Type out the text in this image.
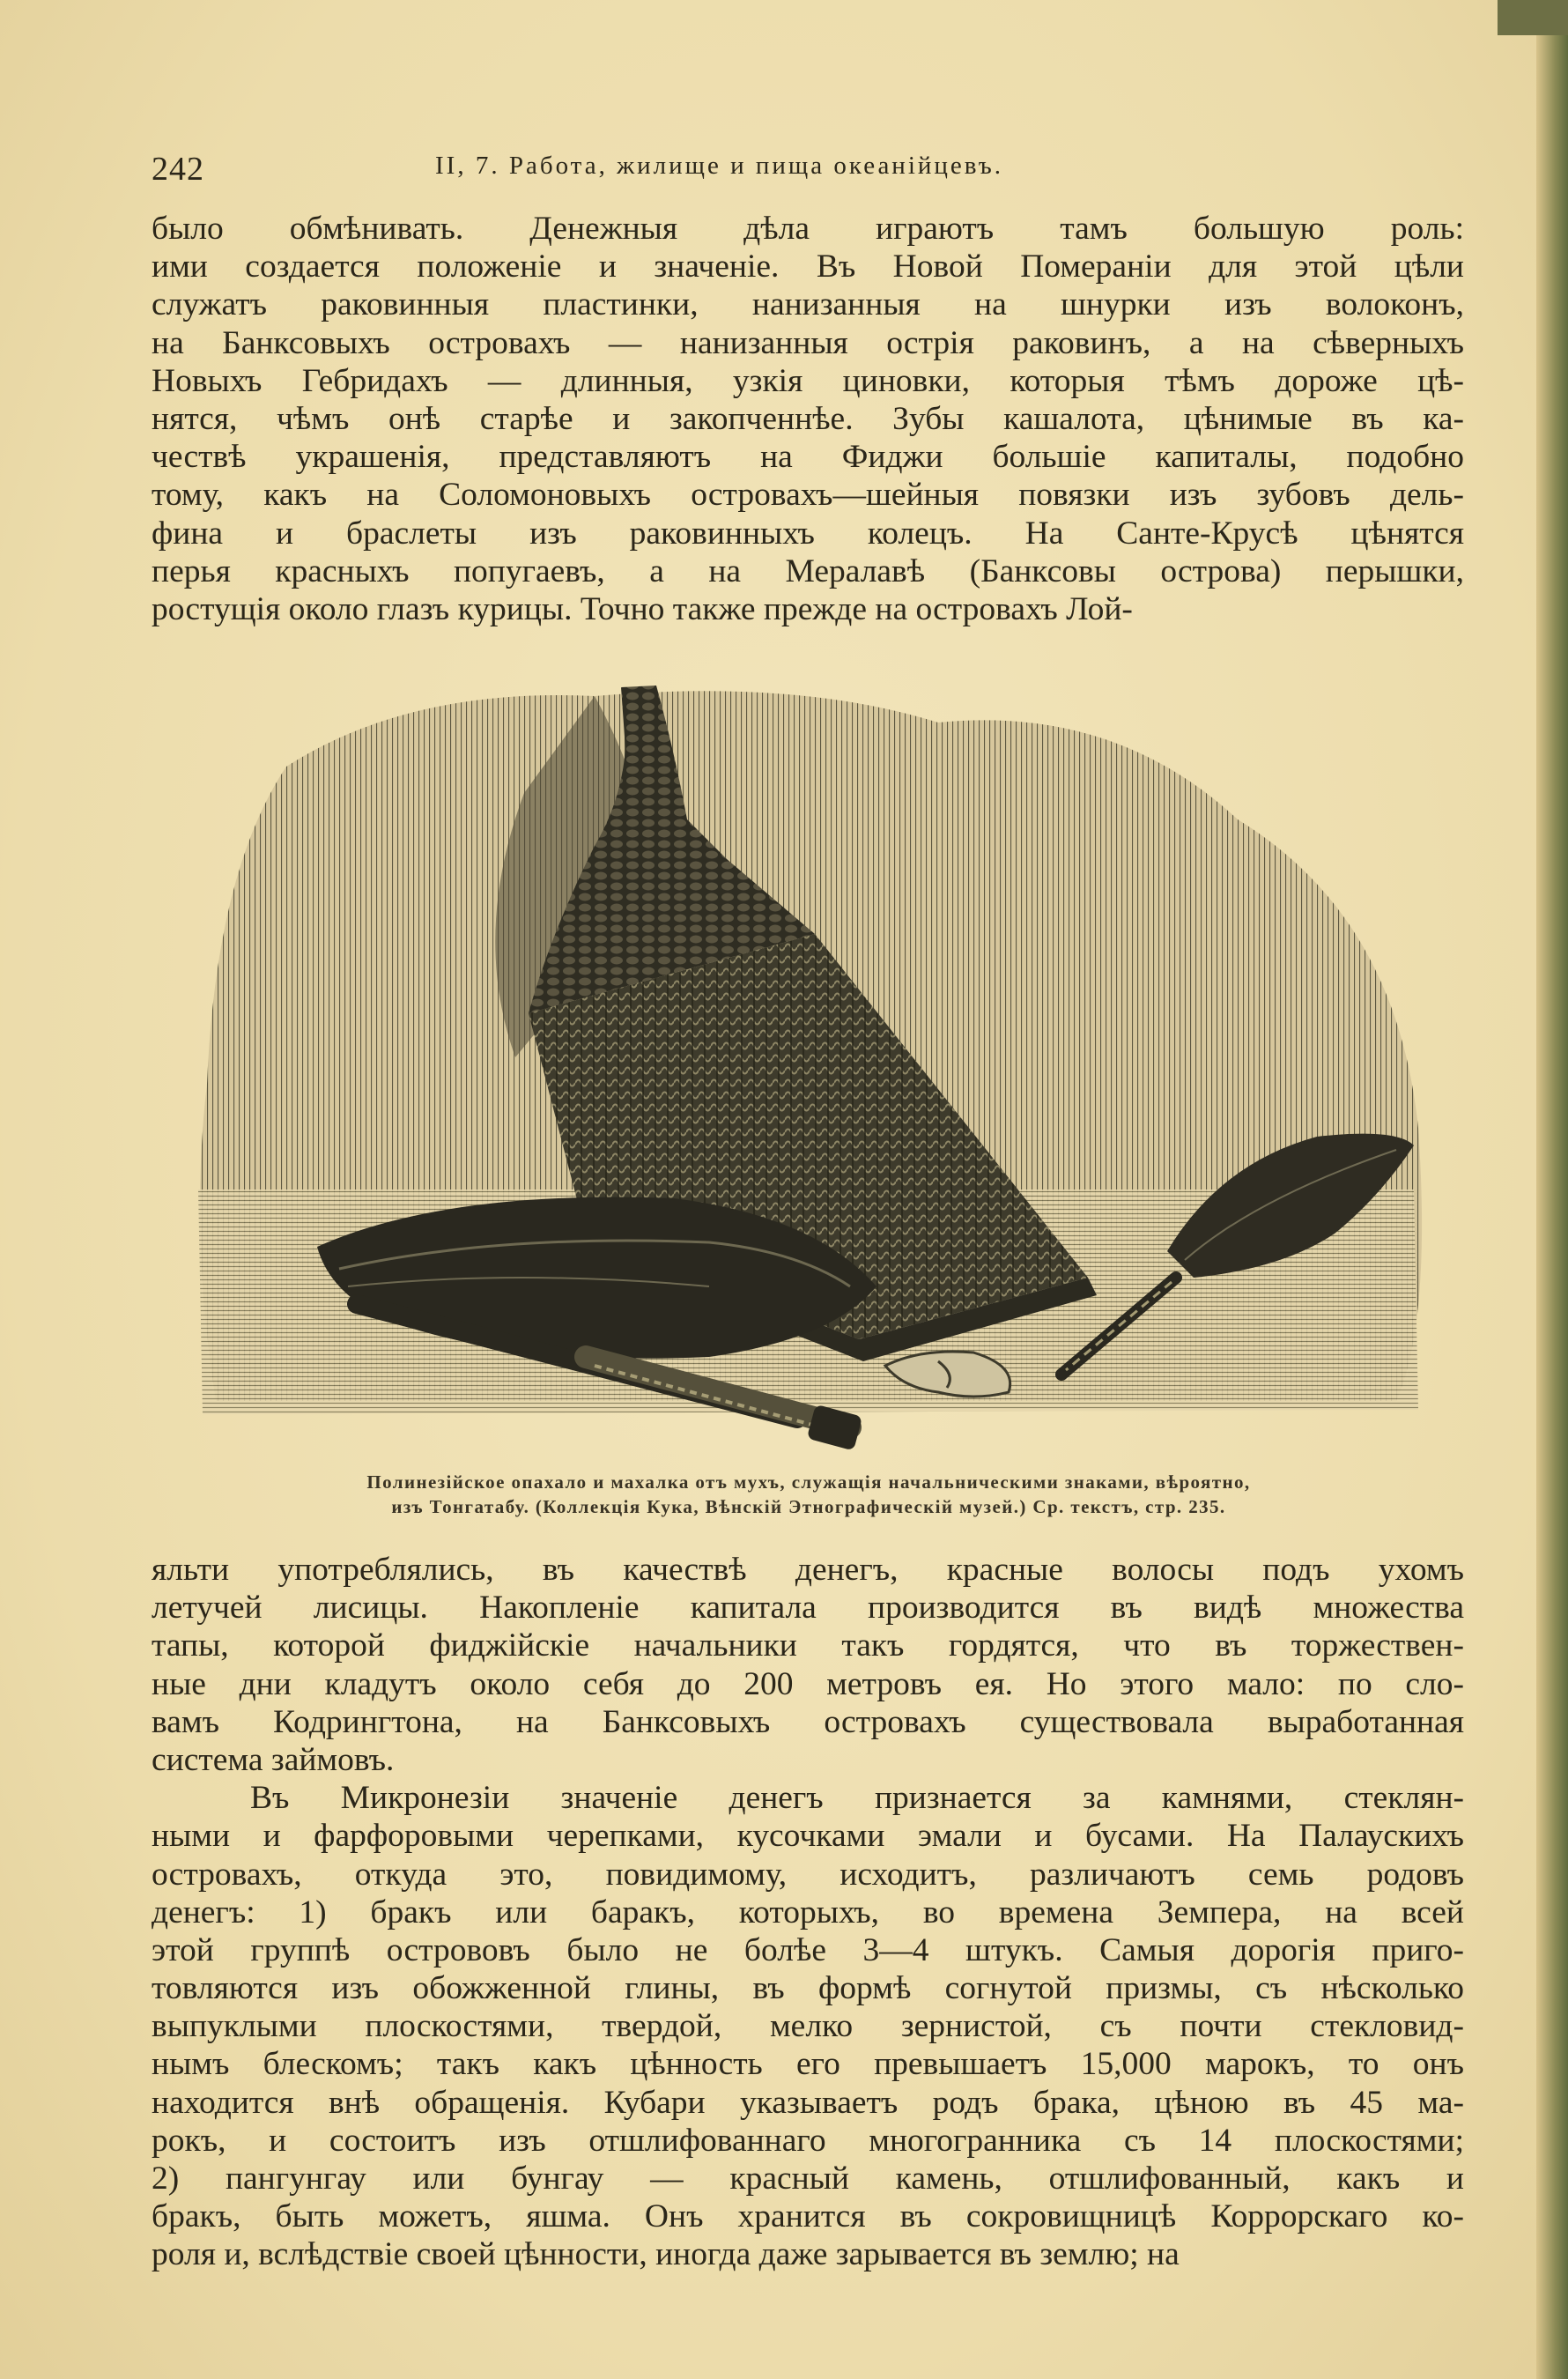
242	II, 7. Работа, жилище и пища океанійцевъ.
было обмѣнивать. Денежныя дѣла играютъ тамъ большую роль:
ими создается положеніе и значеніе. Въ Новой Помераніи для этой цѣли
служатъ раковинныя пластинки, нанизанныя на шнурки изъ волоконъ,
на Банксовыхъ островахъ — нанизанныя острія раковинъ, а на сѣверныхъ
Новыхъ Гебридахъ — длинныя, узкія циновки, которыя тѣмъ дороже цѣ-
нятся, чѣмъ онѣ старѣе и закопченнѣе. Зубы кашалота, цѣнимые въ ка-
чествѣ украшенія, представляютъ на Фиджи большіе капиталы, подобно
тому, какъ на Соломоновыхъ островахъ—шейныя повязки изъ зубовъ дель-
фина и браслеты изъ раковинныхъ колецъ. На Санте-Крусѣ цѣнятся
перья красныхъ попугаевъ, а на Мералавѣ (Банксовы острова) перышки,
ростущія около глазъ курицы. Точно также прежде на островахъ Лой-
Полинезійское опахало и махалка отъ мухъ, служащія начальническими знаками, вѣроятно,
изъ Тонгатабу. (Коллекція Кука, Вѣнскій Этнографическій музей.) Ср. текстъ, стр. 235.
яльти употреблялись, въ качествѣ денегъ, красные волосы подъ ухомъ
летучей лисицы. Накопленіе капитала производится въ видѣ множества
тапы, которой фиджійскіе начальники такъ гордятся, что въ торжествен-
ные дни кладутъ около себя до 200 метровъ ея. Но этого мало: по сло-
вамъ Кодрингтона, на Банксовыхъ островахъ существовала выработанная
система займовъ.
Въ Микронезіи значеніе денегъ признается за камнями, стеклян-
ными и фарфоровыми черепками, кусочками эмали и бусами. На Палаускихъ
островахъ, откуда это, повидимому, исходитъ, различаютъ семь родовъ
денегъ: 1) бракъ или баракъ, которыхъ, во времена Земпера, на всей
этой группѣ острововъ было не болѣе 3—4 штукъ. Самыя дорогія приго-
товляются изъ обожженной глины, въ формѣ согнутой призмы, съ нѣсколько
выпуклыми плоскостями, твердой, мелко зернистой, съ почти стекловид-
нымъ блескомъ; такъ какъ цѣнность его превышаетъ 15,000 марокъ, то онъ
находится внѣ обращенія. Кубари указываетъ родъ брака, цѣною въ 45 ма-
рокъ, и состоитъ изъ отшлифованнаго многогранника съ 14 плоскостями;
2) пангунгау или бунгау — красный камень, отшлифованный, какъ и
бракъ, быть можетъ, яшма. Онъ хранится въ сокровищницѣ Коррорскаго ко-
роля и, вслѣдствіе своей цѣнности, иногда даже зарывается въ землю; на
